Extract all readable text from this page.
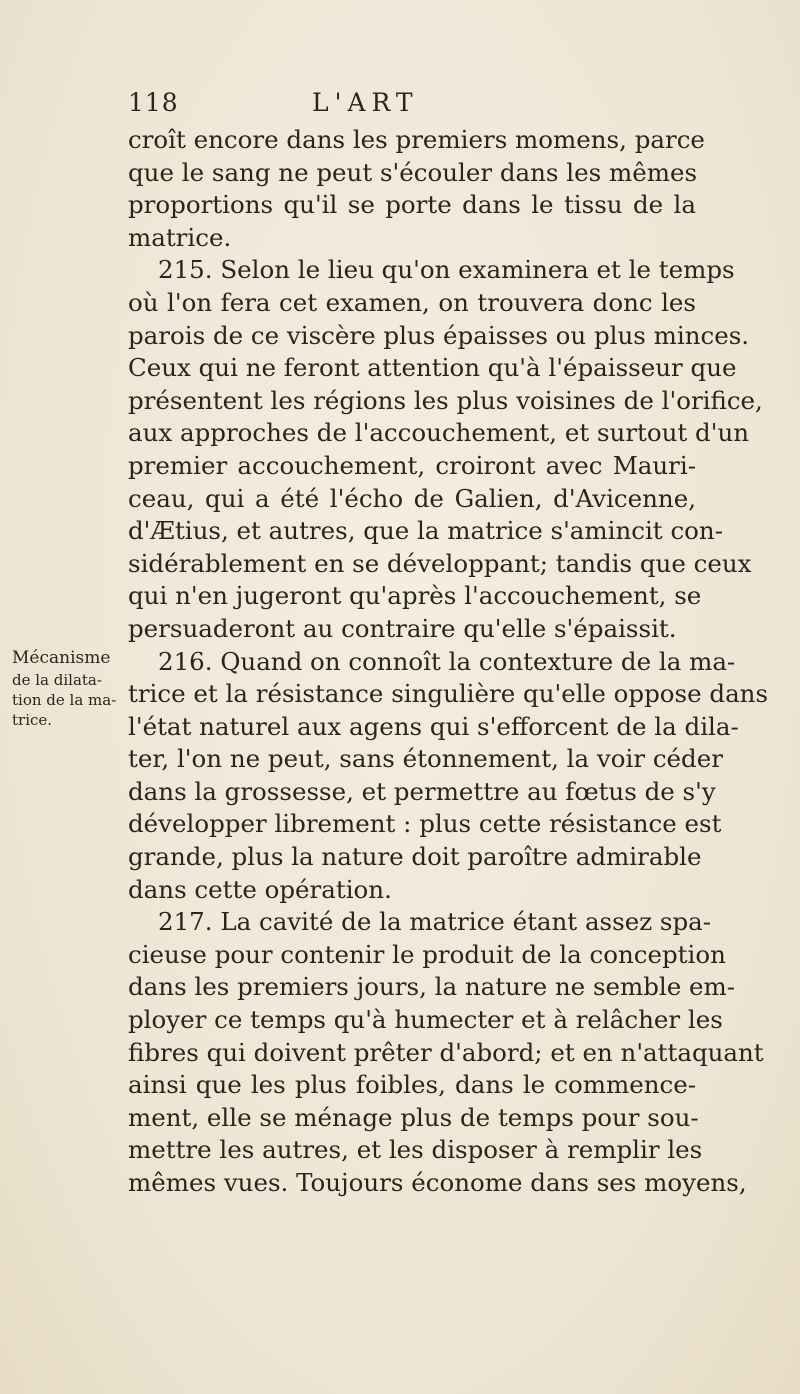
118	L'ART
Mécanisme
de la dilata-
tion de la ma-
trice.
croît encore dans les premiers momens, parce
que le sang ne peut s'écouler dans les mêmes
proportions qu'il se porte dans le tissu de la
matrice.
215. Selon le lieu qu'on examinera et le temps
où l'on fera cet examen, on trouvera donc les
parois de ce viscère plus épaisses ou plus minces.
Ceux qui ne feront attention qu'à l'épaisseur que
présentent les régions les plus voisines de l'orifice,
aux approches de l'accouchement, et surtout d'un
premier accouchement, croiront avec Mauri-
ceau, qui a été l'écho de Galien, d'Avicenne,
d'Ætius, et autres, que la matrice s'amincit con-
sidérablement en se développant; tandis que ceux
qui n'en jugeront qu'après l'accouchement, se
persuaderont au contraire qu'elle s'épaissit.
216. Quand on connoît la contexture de la ma-
trice et la résistance singulière qu'elle oppose dans
l'état naturel aux agens qui s'efforcent de la dila-
ter, l'on ne peut, sans étonnement, la voir céder
dans la grossesse, et permettre au fœtus de s'y
développer librement : plus cette résistance est
grande, plus la nature doit paroître admirable
dans cette opération.
217. La cavité de la matrice étant assez spa-
cieuse pour contenir le produit de la conception
dans les premiers jours, la nature ne semble em-
ployer ce temps qu'à humecter et à relâcher les
fibres qui doivent prêter d'abord; et en n'attaquant
ainsi que les plus foibles, dans le commence-
ment, elle se ménage plus de temps pour sou-
mettre les autres, et les disposer à remplir les
mêmes vues. Toujours économe dans ses moyens,
